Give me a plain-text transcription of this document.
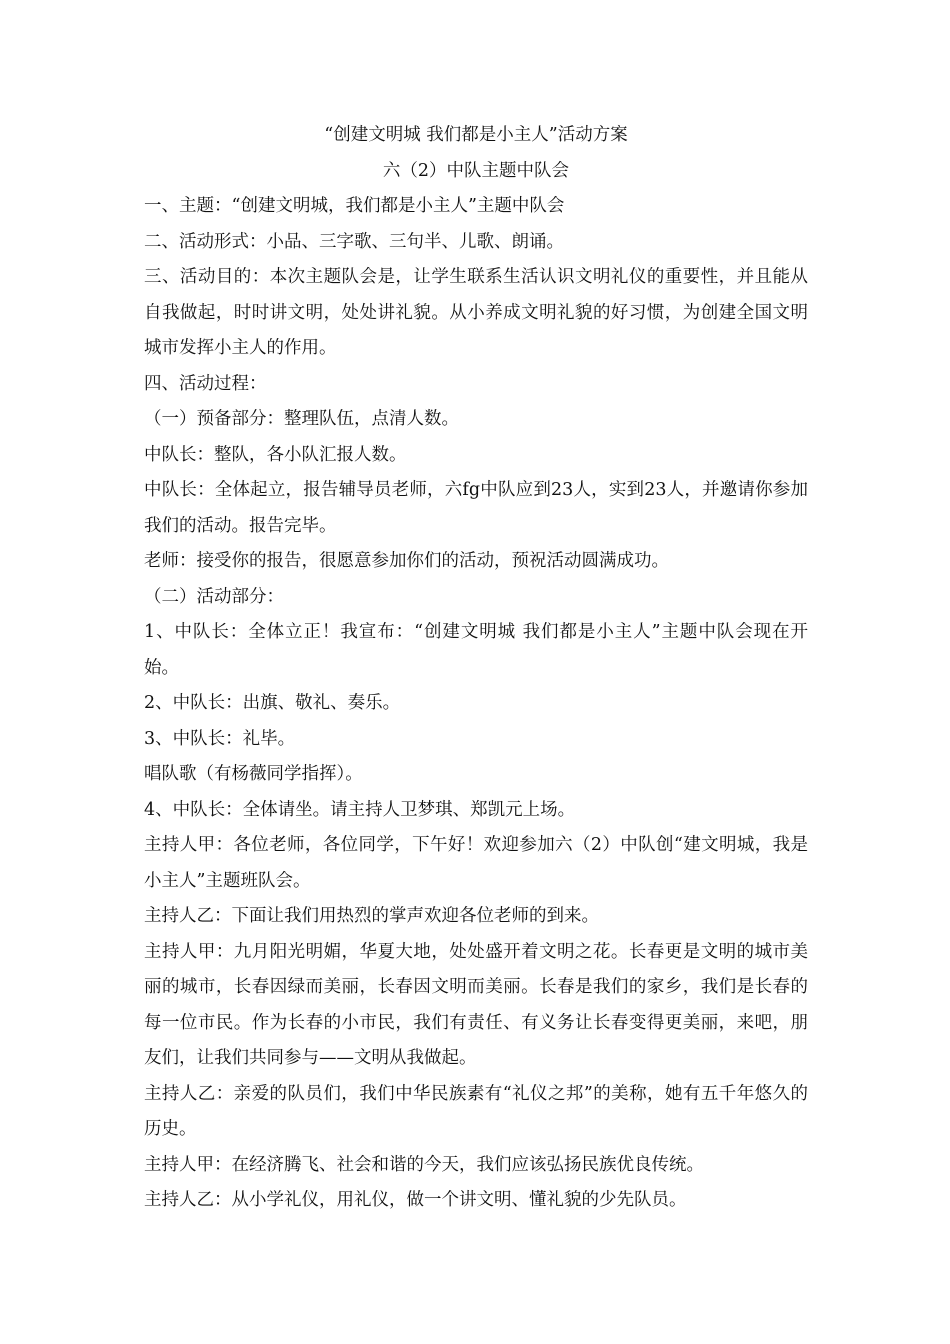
“创建文明城 我们都是小主人”活动方案

六（2）中队主题中队会

一、主题：“创建文明城，我们都是小主人”主题中队会

二、活动形式：小品、三字歌、三句半、儿歌、朗诵。

三、活动目的：本次主题队会是，让学生联系生活认识文明礼仪的重要性，并且能从自我做起，时时讲文明，处处讲礼貌。从小养成文明礼貌的好习惯，为创建全国文明城市发挥小主人的作用。

四、活动过程：

（一）预备部分：整理队伍，点清人数。

中队长：整队，各小队汇报人数。

中队长：全体起立，报告辅导员老师，六fg中队应到23人，实到23人，并邀请你参加我们的活动。报告完毕。

老师：接受你的报告，很愿意参加你们的活动，预祝活动圆满成功。

（二）活动部分：

1、中队长：全体立正！我宣布：“创建文明城 我们都是小主人”主题中队会现在开始。

2、中队长：出旗、敬礼、奏乐。

3、中队长：礼毕。

唱队歌（有杨薇同学指挥）。

4、中队长：全体请坐。请主持人卫梦琪、郑凯元上场。

主持人甲：各位老师，各位同学，下午好！欢迎参加六（2）中队创“建文明城，我是小主人”主题班队会。

主持人乙：下面让我们用热烈的掌声欢迎各位老师的到来。

主持人甲：九月阳光明媚，华夏大地，处处盛开着文明之花。长春更是文明的城市美丽的城市，长春因绿而美丽，长春因文明而美丽。长春是我们的家乡，我们是长春的每一位市民。作为长春的小市民，我们有责任、有义务让长春变得更美丽，来吧，朋友们，让我们共同参与——文明从我做起。

主持人乙：亲爱的队员们，我们中华民族素有“礼仪之邦”的美称，她有五千年悠久的历史。

主持人甲：在经济腾飞、社会和谐的今天，我们应该弘扬民族优良传统。

主持人乙：从小学礼仪，用礼仪，做一个讲文明、懂礼貌的少先队员。
